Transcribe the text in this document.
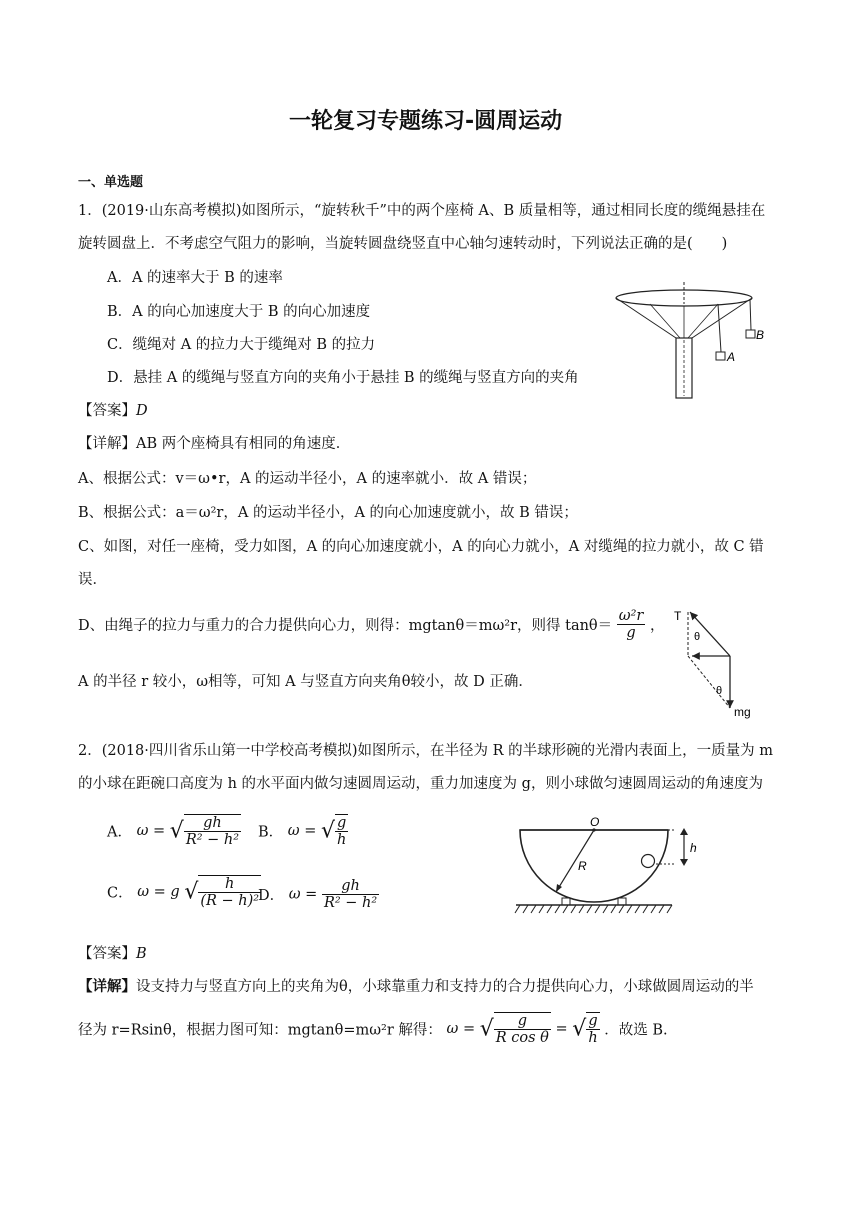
一轮复习专题练习-圆周运动
一、单选题
1．(2019·山东高考模拟)如图所示，“旋转秋千”中的两个座椅 A、B 质量相等，通过相同长度的缆绳悬挂在
旋转圆盘上．不考虑空气阻力的影响，当旋转圆盘绕竖直中心轴匀速转动时，下列说法正确的是(　　)
A．A 的速率大于 B 的速率
B．A 的向心加速度大于 B 的向心加速度
C．缆绳对 A 的拉力大于缆绳对 B 的拉力
D．悬挂 A 的缆绳与竖直方向的夹角小于悬挂 B 的缆绳与竖直方向的夹角
A
B
【答案】D
【详解】AB 两个座椅具有相同的角速度．
A、根据公式：v＝ω•r，A 的运动半径小，A 的速率就小．故 A 错误；
B、根据公式：a＝ω²r，A 的运动半径小，A 的向心加速度就小，故 B 错误；
C、如图，对任一座椅，受力如图，A 的向心加速度就小，A 的向心力就小，A 对缆绳的拉力就小，故 C 错
误．
D、由绳子的拉力与重力的合力提供向心力，则得：mgtanθ＝mω²r，则得 $\tan\theta= \frac{\text{ω²r}}{g}$ ，
A 的半径 r 较小，ω相等，可知 A 与竖直方向夹角θ较小，故 D 正确．
T
θ
θ
mg
2．(2018·四川省乐山第一中学校高考模拟)如图所示，在半径为 R 的半球形碗的光滑内表面上，一质量为 m
的小球在距碗口高度为 h 的水平面内做匀速圆周运动，重力加速度为 g，则小球做匀速圆周运动的角速度为
A． ω = √ $\frac{gh}{\text{R² − h²}}$ B． ω = √ $\frac{g}{h}$
C． ω = g √ $\frac{h}{\text{(R − h)²}}$
D． $\omega = \frac{gh}{\text{R² − h²}}$
O
R
h
【答案】B
【详解】设支持力与竖直方向上的夹角为θ，小球靠重力和支持力的合力提供向心力，小球做圆周运动的半
径为 r=Rsinθ，根据力图可知：mgtanθ=mω²r 解得： ω = √ $\frac{g}{\text{R cos θ}}$ = √ $\frac{g}{h}$ ．故选 B.
